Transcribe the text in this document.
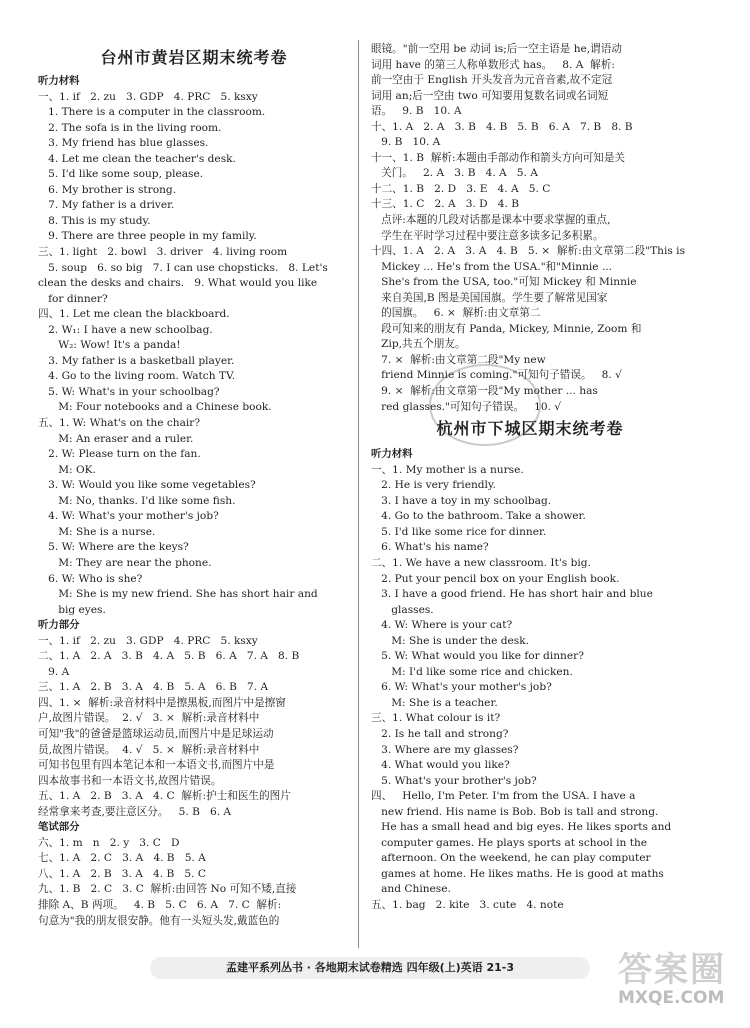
台州市黄岩区期末统考卷
听力材料
一、1. if   2. zu   3. GDP   4. PRC   5. ksxy
1. There is a computer in the classroom.
2. The sofa is in the living room.
3. My friend has blue glasses.
4. Let me clean the teacher's desk.
5. I'd like some soup, please.
6. My brother is strong.
7. My father is a driver.
8. This is my study.
9. There are three people in my family.
三、1. light   2. bowl   3. driver   4. living room
5. soup   6. so big   7. I can use chopsticks.   8. Let's
clean the desks and chairs.   9. What would you like
for dinner?
四、1. Let me clean the blackboard.
2. W₁: I have a new schoolbag.
W₂: Wow! It's a panda!
3. My father is a basketball player.
4. Go to the living room. Watch TV.
5. W: What's in your schoolbag?
M: Four notebooks and a Chinese book.
五、1. W: What's on the chair?
M: An eraser and a ruler.
2. W: Please turn on the fan.
M: OK.
3. W: Would you like some vegetables?
M: No, thanks. I'd like some fish.
4. W: What's your mother's job?
M: She is a nurse.
5. W: Where are the keys?
M: They are near the phone.
6. W: Who is she?
M: She is my new friend. She has short hair and
big eyes.
听力部分
一、1. if   2. zu   3. GDP   4. PRC   5. ksxy
二、1. A   2. A   3. B   4. A   5. B   6. A   7. A   8. B
9. A
三、1. A   2. B   3. A   4. B   5. A   6. B   7. A
四、1. ×  解析:录音材料中是擦黑板,而图片中是擦窗
户,故图片错误。  2. √   3. ×  解析:录音材料中
可知"我"的爸爸是篮球运动员,而图片中是足球运动
员,故图片错误。  4. √   5. ×  解析:录音材料中
可知书包里有四本笔记本和一本语文书,而图片中是
四本故事书和一本语文书,故图片错误。
五、1. A   2. B   3. A   4. C  解析:护士和医生的图片
经常拿来考查,要注意区分。   5. B   6. A
笔试部分
六、1. m   n   2. y   3. C   D
七、1. A   2. C   3. A   4. B   5. A
八、1. A   2. B   3. A   4. B   5. C
九、1. B   2. C   3. C  解析:由回答 No 可知不矮,直接
排除 A、B 两项。   4. B   5. C   6. A   7. C  解析:
句意为"我的朋友很安静。他有一头短头发,戴蓝色的
眼镜。"前一空用 be 动词 is;后一空主语是 he,谓语动
词用 have 的第三人称单数形式 has。   8. A  解析:
前一空由于 English 开头发音为元音音素,故不定冠
词用 an;后一空由 two 可知要用复数名词或名词短
语。   9. B   10. A
十、1. A   2. A   3. B   4. B   5. B   6. A   7. B   8. B
9. B   10. A
十一、1. B  解析:本题由手部动作和箭头方向可知是关
关门。   2. A   3. B   4. A   5. A
十二、1. B   2. D   3. E   4. A   5. C
十三、1. C   2. A   3. D   4. B
点评:本题的几段对话都是课本中要求掌握的重点,
学生在平时学习过程中要注意多读多记多积累。
十四、1. A   2. A   3. A   4. B   5. ×  解析:由文章第二段"This is
Mickey ... He's from the USA."和"Minnie ...
She's from the USA, too."可知 Mickey 和 Minnie
来自美国,B 图是美国国旗。学生要了解常见国家
的国旗。   6. ×  解析:由文章第二
段可知来的朋友有 Panda, Mickey, Minnie, Zoom 和
Zip,共五个朋友。
7. ×  解析:由文章第二段"My new
friend Minnie is coming."可知句子错误。   8. √
9. ×  解析:由文章第一段"My mother ... has
red glasses."可知句子错误。   10. √
杭州市下城区期末统考卷
听力材料
一、1. My mother is a nurse.
2. He is very friendly.
3. I have a toy in my schoolbag.
4. Go to the bathroom. Take a shower.
5. I'd like some rice for dinner.
6. What's his name?
二、1. We have a new classroom. It's big.
2. Put your pencil box on your English book.
3. I have a good friend. He has short hair and blue
glasses.
4. W: Where is your cat?
M: She is under the desk.
5. W: What would you like for dinner?
M: I'd like some rice and chicken.
6. W: What's your mother's job?
M: She is a teacher.
三、1. What colour is it?
2. Is he tall and strong?
3. Where are my glasses?
4. What would you like?
5. What's your brother's job?
四、   Hello, I'm Peter. I'm from the USA. I have a
new friend. His name is Bob. Bob is tall and strong.
He has a small head and big eyes. He likes sports and
computer games. He plays sports at school in the
afternoon. On the weekend, he can play computer
games at home. He likes maths. He is good at maths
and Chinese.
五、1. bag   2. kite   3. cute   4. note
孟建平系列丛书 · 各地期末试卷精选 四年级(上)英语 21-3	答案圈
MXQE.COM
